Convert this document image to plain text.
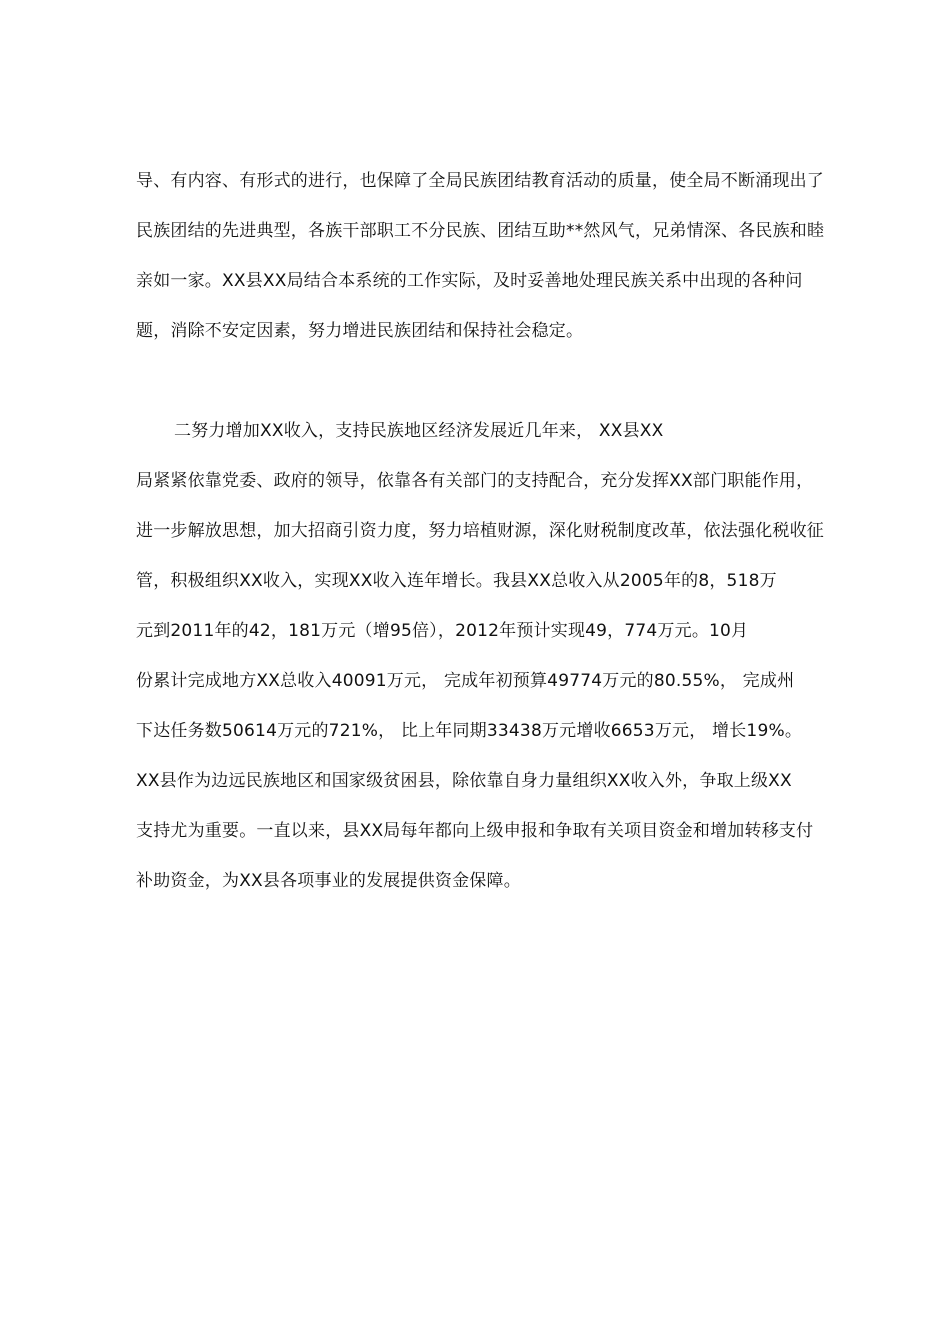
导、有内容、有形式的进行，也保障了全局民族团结教育活动的质量，使全局不断涌现出了
民族团结的先进典型，各族干部职工不分民族、团结互助**然风气，兄弟情深、各民族和睦
亲如一家。XX县XX局结合本系统的工作实际，及时妥善地处理民族关系中出现的各种问
题，消除不安定因素，努力增进民族团结和保持社会稳定。
二努力增加XX收入，支持民族地区经济发展近几年来， XX县XX
局紧紧依靠党委、政府的领导，依靠各有关部门的支持配合，充分发挥XX部门职能作用，
进一步解放思想，加大招商引资力度，努力培植财源，深化财税制度改革，依法强化税收征
管，积极组织XX收入，实现XX收入连年增长。我县XX总收入从2005年的8，518万
元到2011年的42，181万元（增95倍），2012年预计实现49，774万元。10月
份累计完成地方XX总收入40091万元， 完成年初预算49774万元的80.55%， 完成州
下达任务数50614万元的721%， 比上年同期33438万元增收6653万元， 增长19%。
XX县作为边远民族地区和国家级贫困县，除依靠自身力量组织XX收入外，争取上级XX
支持尤为重要。一直以来，县XX局每年都向上级申报和争取有关项目资金和增加转移支付
补助资金，为XX县各项事业的发展提供资金保障。
